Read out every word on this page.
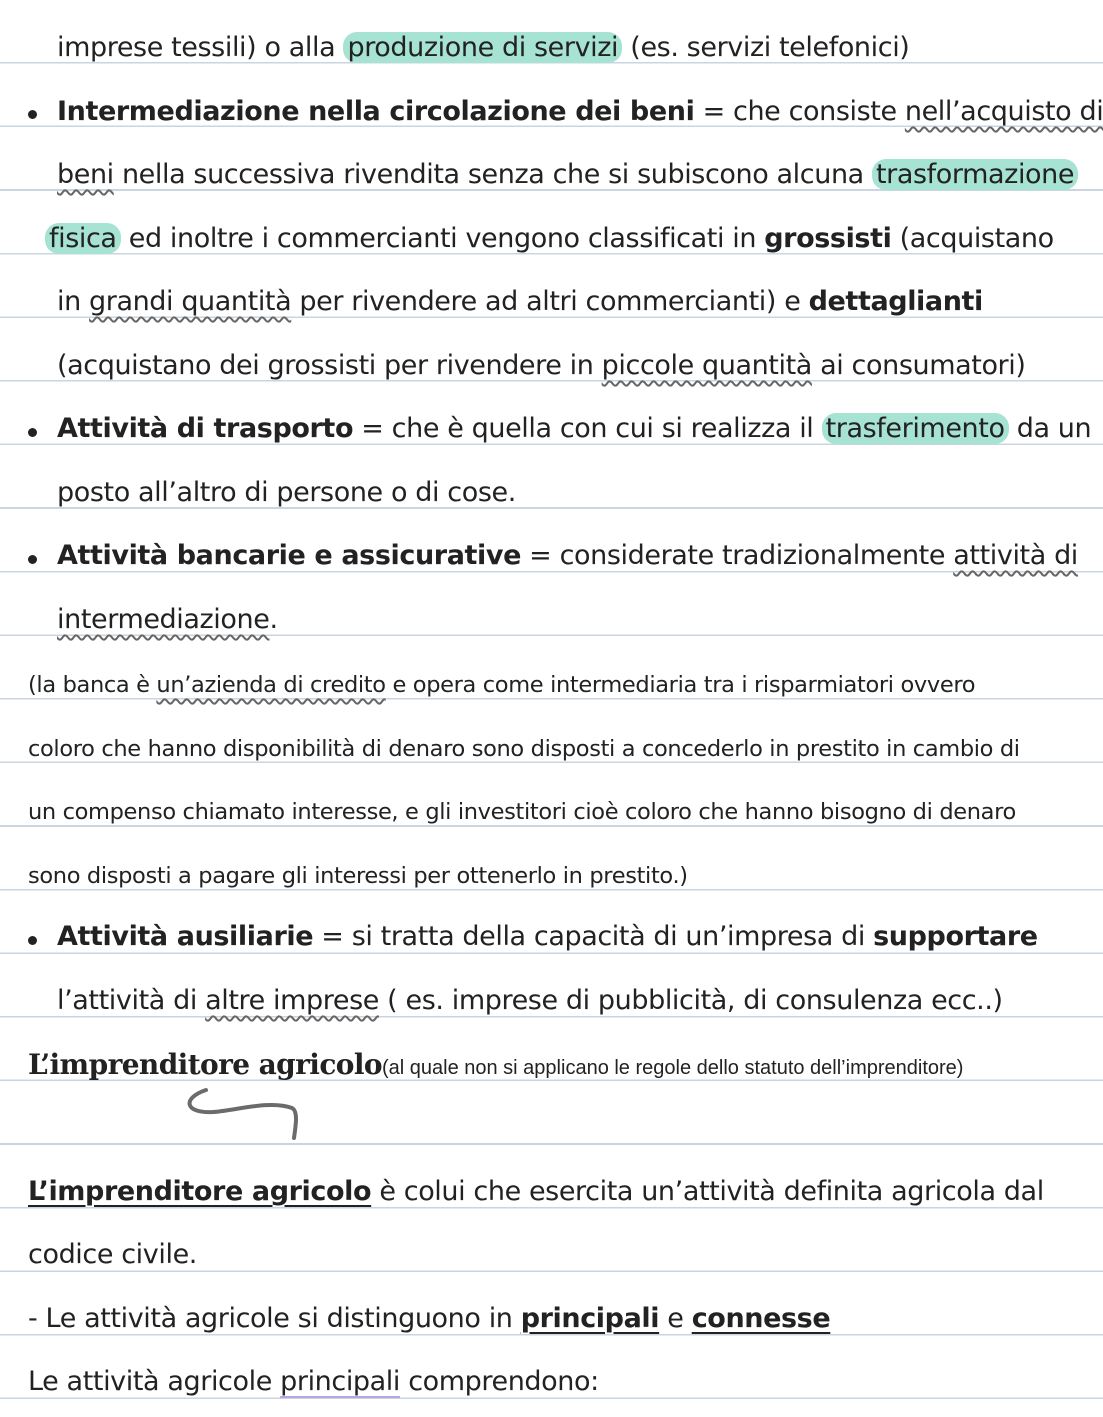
imprese tessili) o alla produzione di servizi (es. servizi telefonici)
Intermediazione nella circolazione dei beni = che consiste nell’acquisto di
beni nella successiva rivendita senza che si subiscono alcuna trasformazione
fisica ed inoltre i commercianti vengono classificati in grossisti (acquistano
in grandi quantità per rivendere ad altri commercianti) e dettaglianti
(acquistano dei grossisti per rivendere in piccole quantità ai consumatori)
Attività di trasporto = che è quella con cui si realizza il trasferimento da un
posto all’altro di persone o di cose.
Attività bancarie e assicurative = considerate tradizionalmente attività di
intermediazione.
(la banca è un’azienda di credito e opera come intermediaria tra i risparmiatori ovvero
coloro che hanno disponibilità di denaro sono disposti a concederlo in prestito in cambio di
un compenso chiamato interesse, e gli investitori cioè coloro che hanno bisogno di denaro
sono disposti a pagare gli interessi per ottenerlo in prestito.)
Attività ausiliarie = si tratta della capacità di un’impresa di supportare
l’attività di altre imprese ( es. imprese di pubblicità, di consulenza ecc..)
L’imprenditore agricolo(al quale non si applicano le regole dello statuto dell’imprenditore)
L’imprenditore agricolo è colui che esercita un’attività definita agricola dal
codice civile.
- Le attività agricole si distinguono in principali e connesse
Le attività agricole principali comprendono:
